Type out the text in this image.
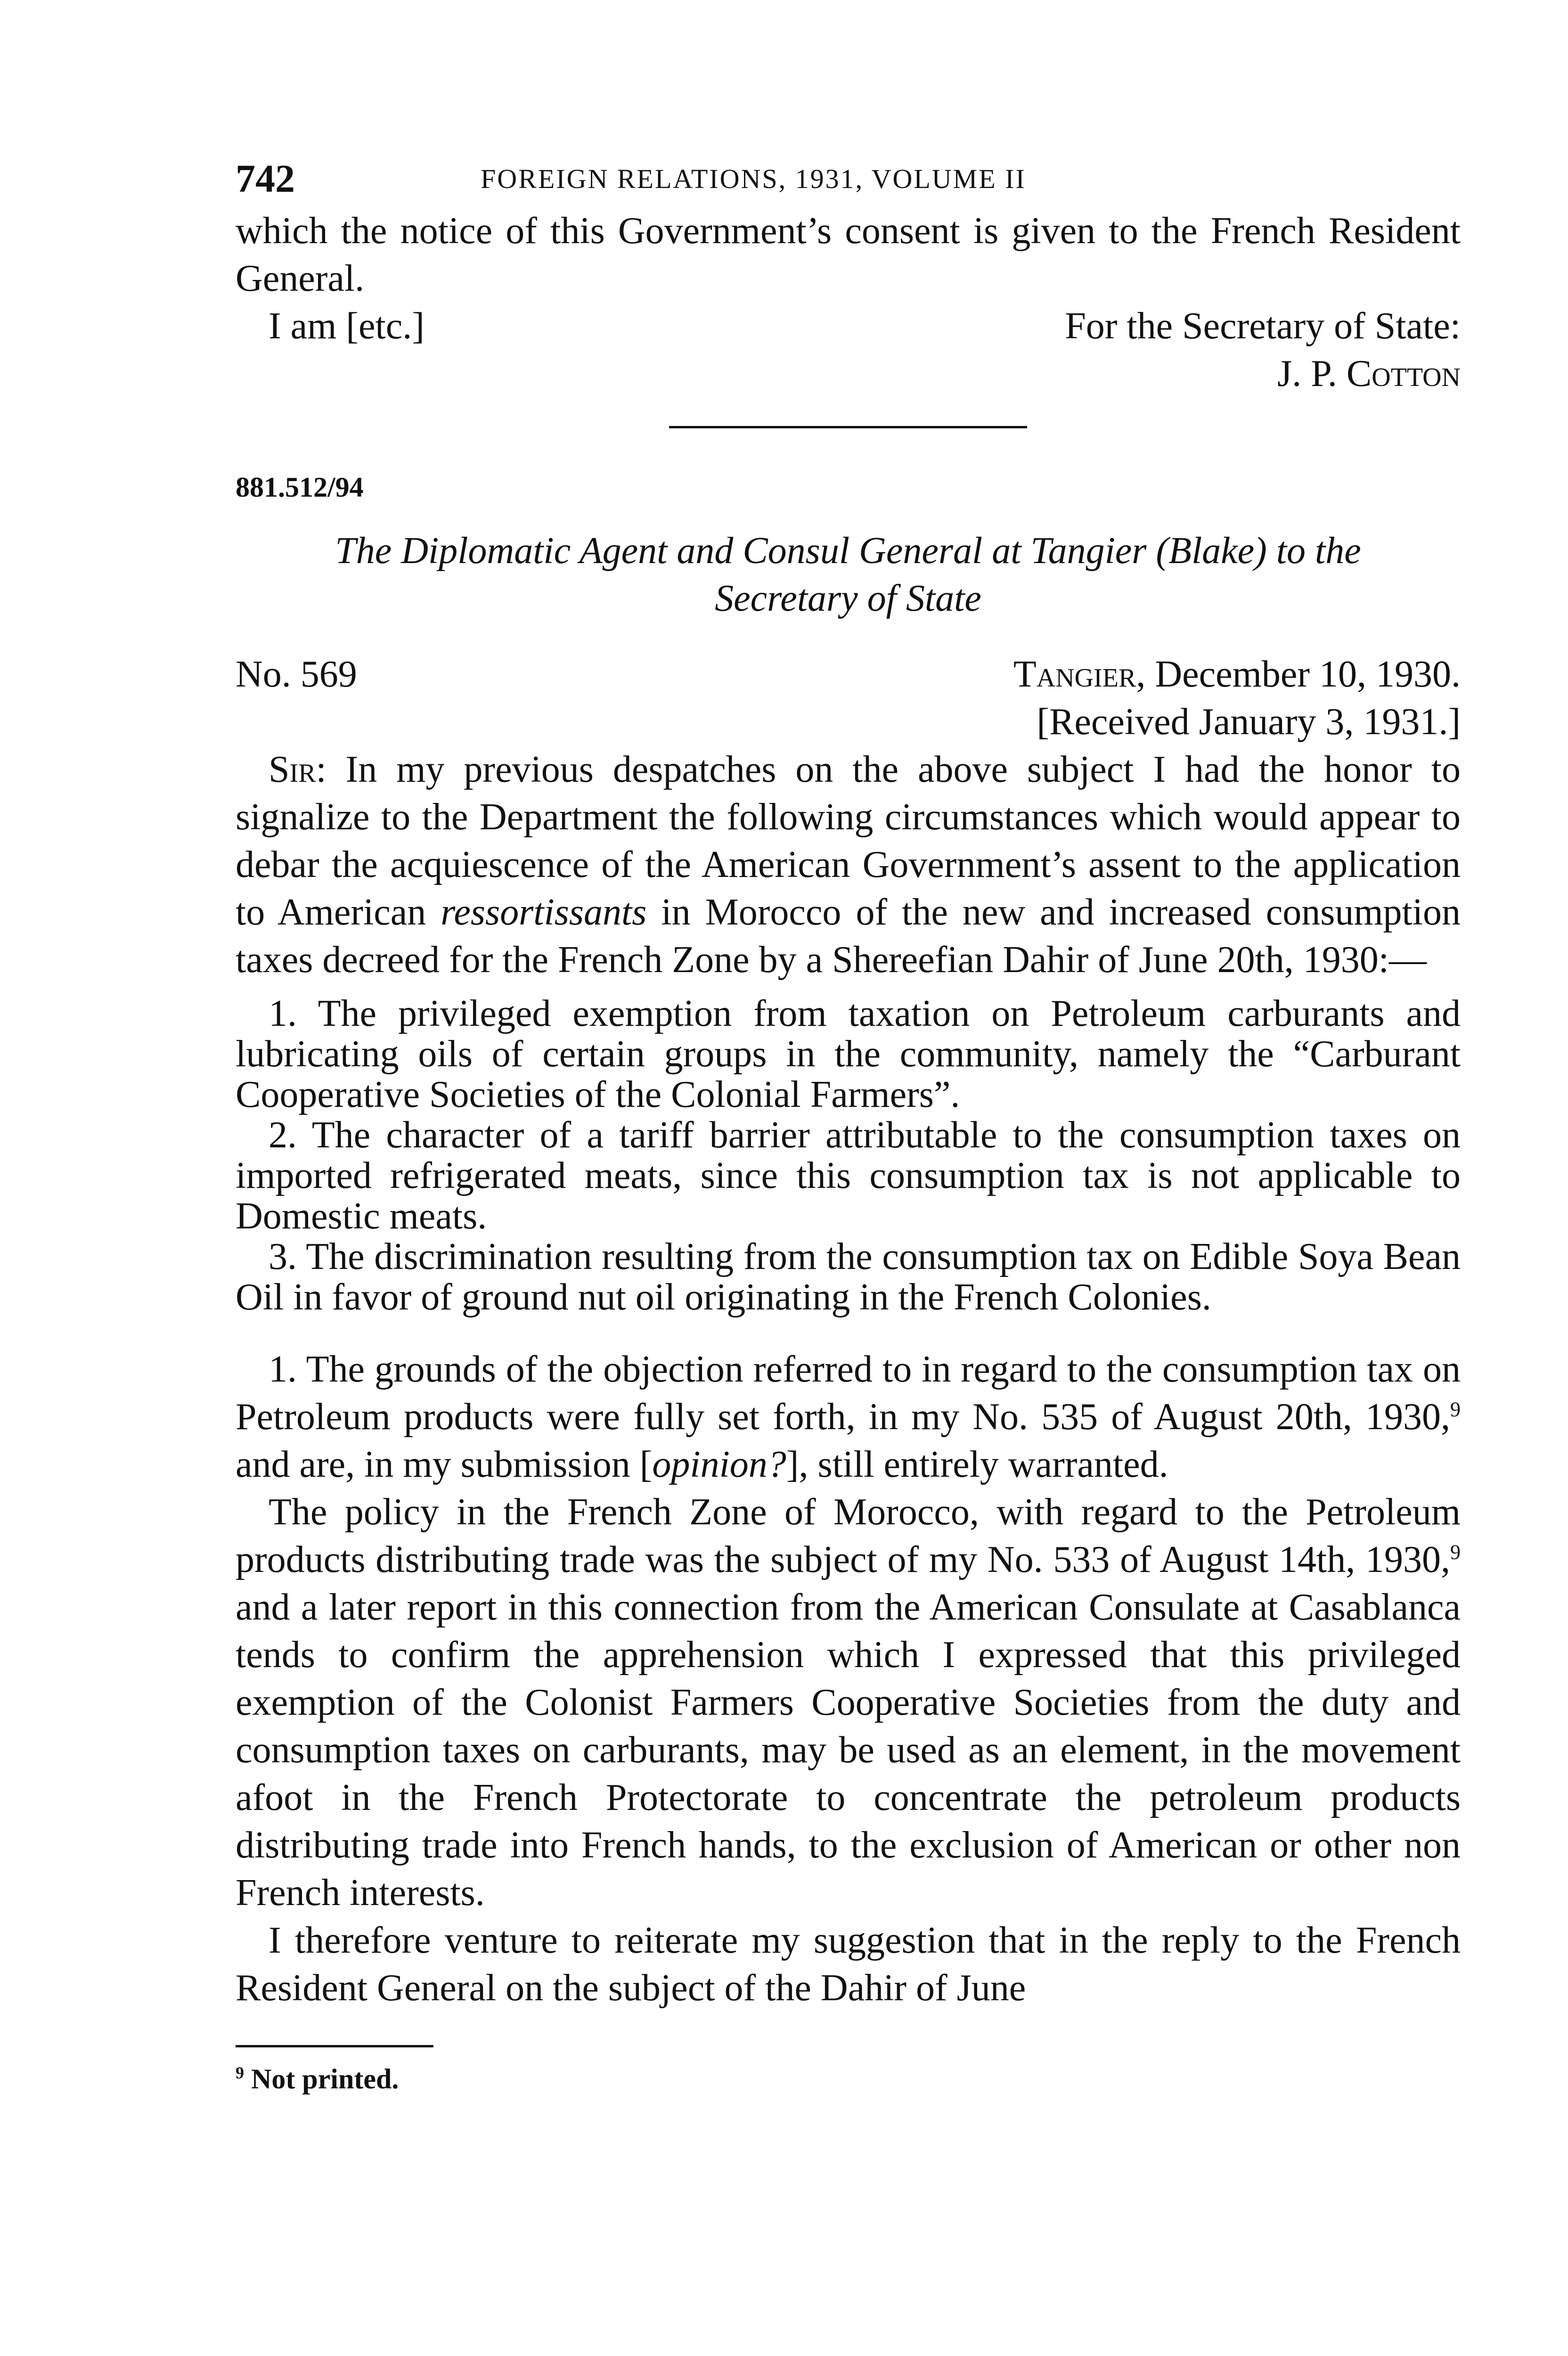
742	FOREIGN RELATIONS, 1931, VOLUME II

which the notice of this Government’s consent is given to the French Resident General.

I am [etc.]	For the Secretary of State:
J. P. Cotton
881.512/94
The Diplomatic Agent and Consul General at Tangier (Blake) to the
Secretary of State
No. 569	Tangier, December 10, 1930.
[Received January 3, 1931.]

Sir: In my previous despatches on the above subject I had the honor to signalize to the Department the following circumstances which would appear to debar the acquiescence of the American Government’s assent to the application to American ressortissants in Morocco of the new and increased consumption taxes decreed for the French Zone by a Shereefian Dahir of June 20th, 1930:—

1. The privileged exemption from taxation on Petroleum carburants and lubricating oils of certain groups in the community, namely the “Carburant Cooperative Societies of the Colonial Farmers”.

2. The character of a tariff barrier attributable to the consumption taxes on imported refrigerated meats, since this consumption tax is not applicable to Domestic meats.

3. The discrimination resulting from the consumption tax on Edible Soya Bean Oil in favor of ground nut oil originating in the French Colonies.

1. The grounds of the objection referred to in regard to the consumption tax on Petroleum products were fully set forth, in my No. 535 of August 20th, 1930,$^9$ and are, in my submission [opinion?], still entirely warranted.

The policy in the French Zone of Morocco, with regard to the Petroleum products distributing trade was the subject of my No. 533 of August 14th, 1930,$^9$ and a later report in this connection from the American Consulate at Casablanca tends to confirm the apprehension which I expressed that this privileged exemption of the Colonist Farmers Cooperative Societies from the duty and consumption taxes on carburants, may be used as an element, in the movement afoot in the French Protectorate to concentrate the petroleum products distributing trade into French hands, to the exclusion of American or other non French interests.

I therefore venture to reiterate my suggestion that in the reply to the French Resident General on the subject of the Dahir of June

$^9$ Not printed.
